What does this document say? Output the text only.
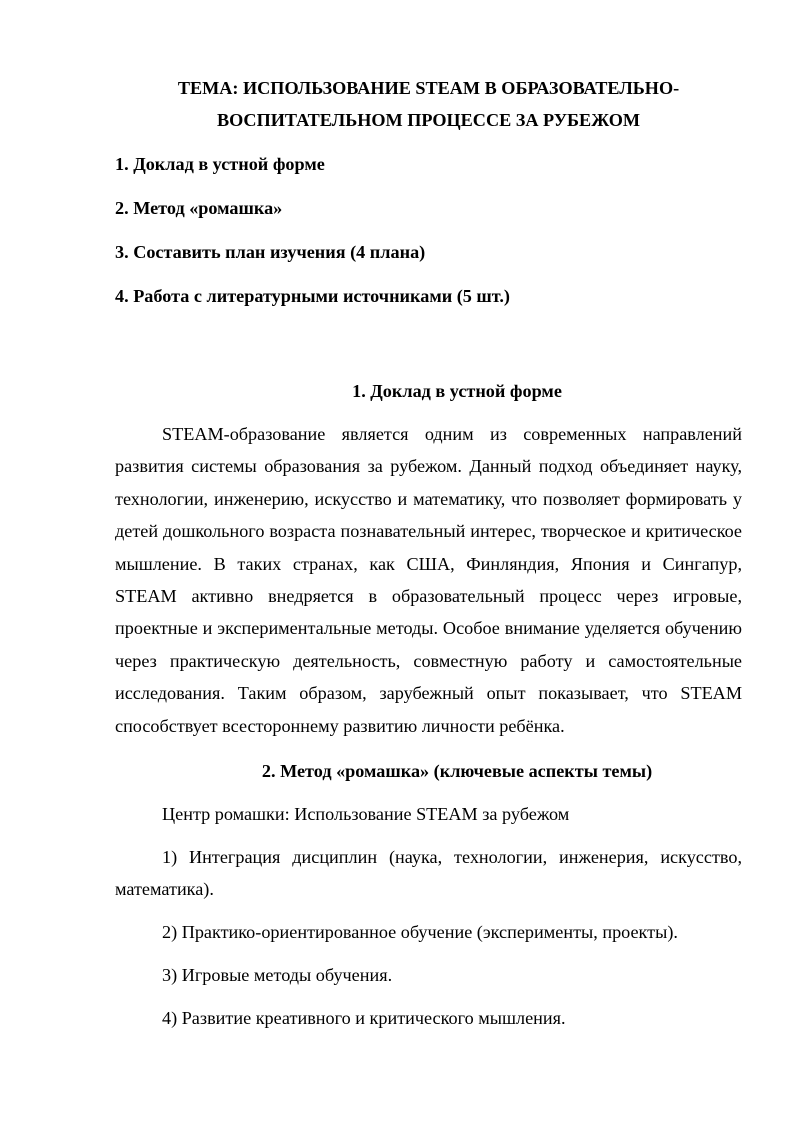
ТЕМА: ИСПОЛЬЗОВАНИЕ STEAM В ОБРАЗОВАТЕЛЬНО-
ВОСПИТАТЕЛЬНОМ ПРОЦЕССЕ ЗА РУБЕЖОМ

1. Доклад в устной форме

2. Метод «ромашка»

3. Составить план изучения (4 плана)

4. Работа с литературными источниками (5 шт.)

1. Доклад в устной форме

STEAM-образование является одним из современных направлений развития системы образования за рубежом. Данный подход объединяет науку, технологии, инженерию, искусство и математику, что позволяет формировать у детей дошкольного возраста познавательный интерес, творческое и критическое мышление. В таких странах, как США, Финляндия, Япония и Сингапур, STEAM активно внедряется в образовательный процесс через игровые, проектные и экспериментальные методы. Особое внимание уделяется обучению через практическую деятельность, совместную работу и самостоятельные исследования. Таким образом, зарубежный опыт показывает, что STEAM способствует всестороннему развитию личности ребёнка.

2. Метод «ромашка» (ключевые аспекты темы)

Центр ромашки: Использование STEAM за рубежом

1) Интеграция дисциплин (наука, технологии, инженерия, искусство, математика).

2) Практико-ориентированное обучение (эксперименты, проекты).

3) Игровые методы обучения.

4) Развитие креативного и критического мышления.
